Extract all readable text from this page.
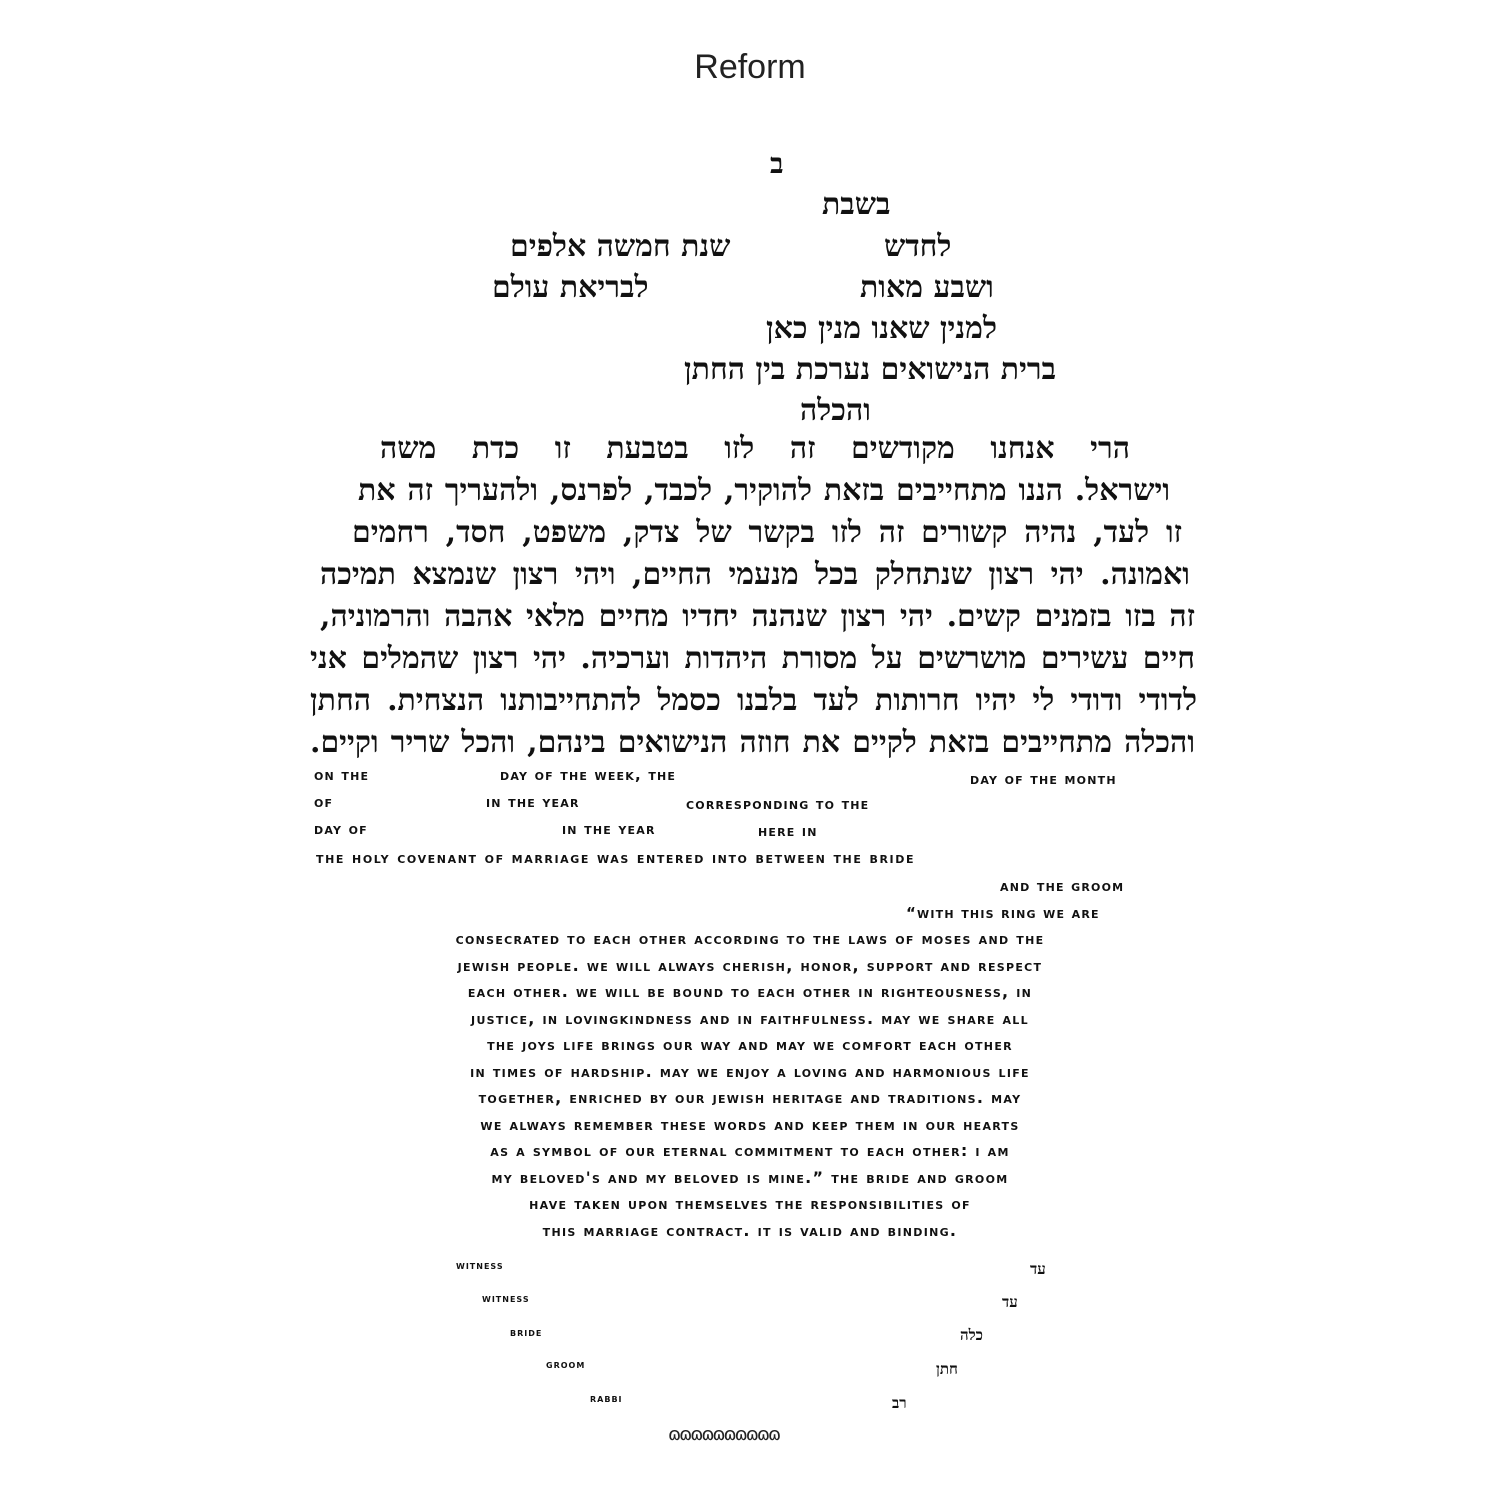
Reform
ב
בשבת
לחדש
שנת חמשה אלפים
ושבע מאות
לבריאת עולם
למנין שאנו מנין כאן
ברית הנישואים נערכת בין החתן
והכלה
הרי אנחנו מקודשים זה לזו בטבעת זו כדת משה
וישראל. הננו מתחייבים בזאת להוקיר, לכבד, לפרנס, ולהעריך זה את
זו לעד, נהיה קשורים זה לזו בקשר של צדק, משפט, חסד, רחמים
ואמונה. יהי רצון שנתחלק בכל מנעמי החיים, ויהי רצון שנמצא תמיכה
זה בזו בזמנים קשים. יהי רצון שנהנה יחדיו מחיים מלאי אהבה והרמוניה,
חיים עשירים מושרשים על מסורת היהדות וערכיה. יהי רצון שהמלים אני
לדודי ודודי לי יהיו חרותות לעד בלבנו כסמל להתחייבותנו הנצחית. החתן
והכלה מתחייבים בזאת לקיים את חוזה הנישואים בינהם, והכל שריר וקיים.
on the	day of the week, the	day of the month
of	in the year	corresponding to the
day of	in the year	here in
the holy covenant of marriage was entered into between the bride
and the groom
“with this ring we are
consecrated to each other according to the laws of moses and the
jewish people. we will always cherish, honor, support and respect
each other. we will be bound to each other in righteousness, in
justice, in lovingkindness and in faithfulness. may we share all
the joys life brings our way and may we comfort each other
in times of hardship. may we enjoy a loving and harmonious life
together, enriched by our jewish heritage and traditions. may
we always remember these words and keep them in our hearts
as a symbol of our eternal commitment to each other: i am
my beloved's and my beloved is mine.” the bride and groom
have taken upon themselves the responsibilities of
this marriage contract. it is valid and binding.
witness	עד
witness	עד
bride	כלה
groom	חתן
rabbi	רב
ɷɷɷɷɷɷɷɷɷɷ
